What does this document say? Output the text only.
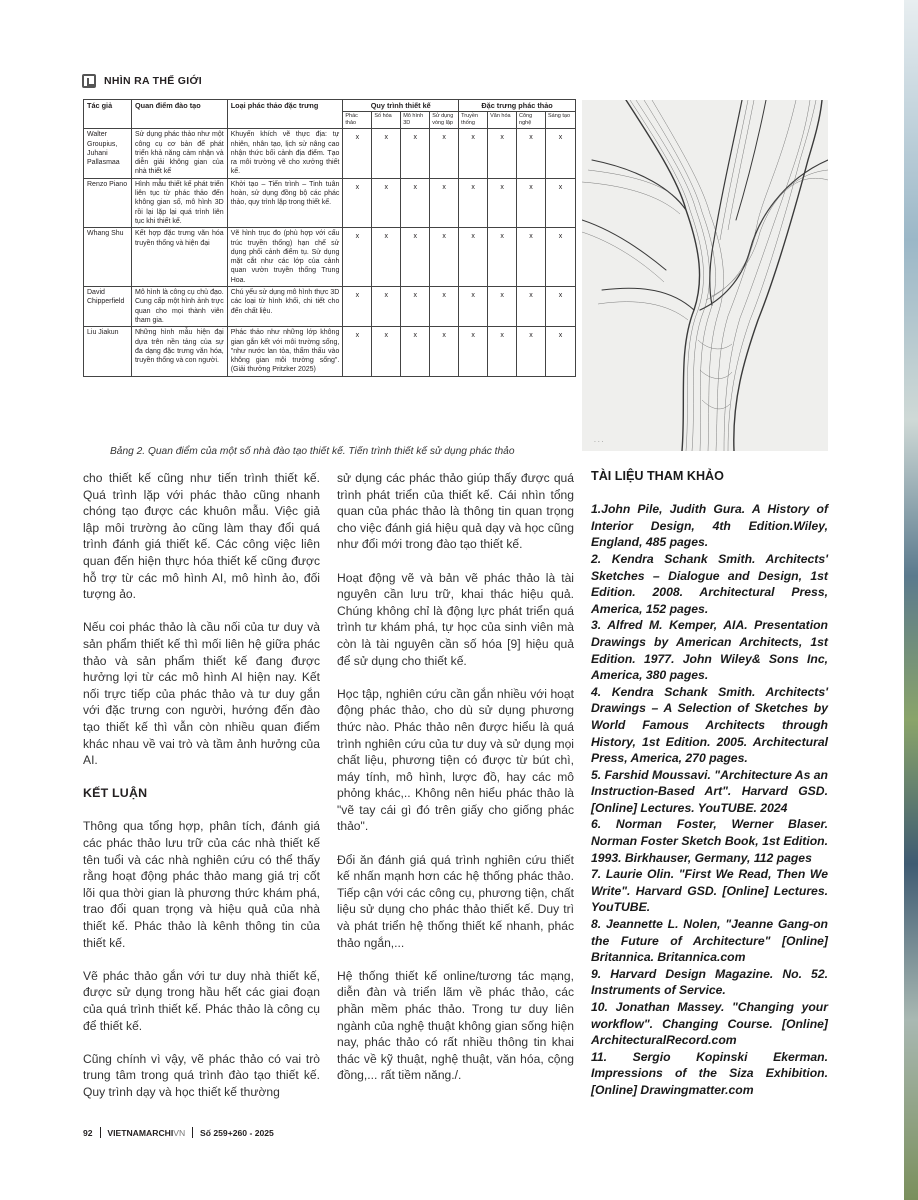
NHÌN RA THẾ GIỚI
Tác giả	Quan điểm đào tạo	Loại phác thảo đặc trưng	Quy trình thiết kế				Đặc trưng phác thảo			
			Phác thảo	Số hóa	Mô hình 3D	Sử dụng vòng lặp	Truyền thống	Văn hóa	Công nghệ	Sáng tạo
Walter Groupius, Juhani Pallasmaa	Sử dụng phác thảo như một công cụ cơ bản để phát triển khả năng cảm nhận và diễn giải không gian của nhà thiết kế	Khuyến khích vẽ thực địa: tự nhiên, nhân tạo, lịch sử nâng cao nhận thức bối cảnh địa điểm. Tạo ra môi trường vẽ cho xưởng thiết kế.	x	x	x	x	x	x	x	x
Renzo Piano	Hình mẫu thiết kế phát triển liên tục từ phác thảo đến không gian số, mô hình 3D rồi lại lặp lại quá trình liên tục khi thiết kế.	Khởi tạo – Tiến trình – Tinh tuân hoàn, sử dụng đồng bộ các phác thảo, quy trình lặp trong thiết kế.	x	x	x	x	x	x	x	x
Whang Shu	Kết hợp đặc trưng văn hóa truyền thống và hiện đại	Vẽ hình trục đo (phù hợp với cấu trúc truyền thống) hạn chế sử dụng phối cảnh điểm tụ. Sử dụng mặt cắt như các lớp của cảnh quan vườn truyền thống Trung Hoa.	x	x	x	x	x	x	x	x
David Chipperfield	Mô hình là công cụ chủ đạo. Cung cấp một hình ảnh trực quan cho mọi thành viên tham gia.	Chú yếu sử dụng mô hình thực 3D các loại từ hình khối, chi tiết cho đến chất liệu.	x	x	x	x	x	x	x	x
Liu Jiakun	Những hình mẫu hiện đại dựa trên nền tảng của sự đa dạng đặc trưng văn hóa, truyền thống và con người.	Phác thảo như những lớp không gian gắn kết với môi trường sống, "như nước lan tỏa, thấm thấu vào không gian môi trường sống". (Giải thưởng Pritzker 2025)	x	x	x	x	x	x	x	x
Bảng 2. Quan điểm của một số nhà đào tạo thiết kế. Tiến trình thiết kế sử dụng phác thảo
. . .

cho thiết kế cũng như tiến trình thiết kế. Quá trình lặp với phác thảo cũng nhanh chóng tạo được các khuôn mẫu. Việc giả lập môi trường ảo cũng làm thay đổi quá trình đánh giá thiết kế. Các công việc liên quan đến hiện thực hóa thiết kế cũng được hỗ trợ từ các mô hình AI, mô hình ảo, đối tượng ảo.

Nếu coi phác thảo là cầu nối của tư duy và sản phẩm thiết kế thì mối liên hệ giữa phác thảo và sản phẩm thiết kế đang được hưởng lợi từ các mô hình AI hiện nay. Kết nối trực tiếp của phác thảo và tư duy gắn với đặc trưng con người, hướng đến đào tạo thiết kế thì vẫn còn nhiều quan điểm khác nhau về vai trò và tầm ảnh hưởng của AI.

KẾT LUẬN

Thông qua tổng hợp, phân tích, đánh giá các phác thảo lưu trữ của các nhà thiết kế tên tuổi và các nhà nghiên cứu có thể thấy rằng hoạt động phác thảo mang giá trị cốt lõi qua thời gian là phương thức khám phá, trao đổi quan trọng và hiệu quả của nhà thiết kế. Phác thảo là kênh thông tin của thiết kế.

Vẽ phác thảo gắn với tư duy nhà thiết kế, được sử dụng trong hầu hết các giai đoạn của quá trình thiết kế. Phác thảo là công cụ để thiết kế.

Cũng chính vì vậy, vẽ phác thảo có vai trò trung tâm trong quá trình đào tạo thiết kế. Quy trình dạy và học thiết kế thường

sử dụng các phác thảo giúp thấy được quá trình phát triển của thiết kế. Cái nhìn tổng quan của phác thảo là thông tin quan trọng cho việc đánh giá hiệu quả dạy và học cũng như đổi mới trong đào tạo thiết kế.

Hoạt động vẽ và bản vẽ phác thảo là tài nguyên cần lưu trữ, khai thác hiệu quả. Chúng không chỉ là động lực phát triển quá trình tư khám phá, tự học của sinh viên mà còn là tài nguyên cần số hóa [9] hiệu quả để sử dụng cho thiết kế.

Học tập, nghiên cứu cần gắn nhiều với hoạt động phác thảo, cho dù sử dụng phương thức nào. Phác thảo nên được hiểu là quá trình nghiên cứu của tư duy và sử dụng mọi chất liệu, phương tiện có được từ bút chì, máy tính, mô hình, lược đồ, hay các mô phỏng khác,.. Không nên hiểu phác thảo là "vẽ tay cái gì đó trên giấy cho giống phác thảo".

Đổi ăn đánh giá quá trình nghiên cứu thiết kế nhấn mạnh hơn các hệ thống phác thảo. Tiếp cận với các công cụ, phương tiện, chất liệu sử dụng cho phác thảo thiết kế. Duy trì và phát triển hệ thống thiết kế nhanh, phác thảo ngắn,...

Hệ thống thiết kế online/tương tác mạng, diễn đàn và triển lãm về phác thảo, các phần mềm phác thảo. Trong tư duy liên ngành của nghệ thuật không gian sống hiện nay, phác thảo có rất nhiều thông tin khai thác về kỹ thuật, nghệ thuật, văn hóa, cộng đồng,... rất tiềm năng./.

TÀI LIỆU THAM KHẢO
1.John Pile, Judith Gura. A History of Interior Design, 4th Edition.Wiley, England, 485 pages.
2. Kendra Schank Smith. Architects' Sketches – Dialogue and Design, 1st Edition. 2008. Architectural Press, America, 152 pages.
3. Alfred M. Kemper, AIA. Presentation Drawings by American Architects, 1st Edition. 1977. John Wiley& Sons Inc, America, 380 pages.
4. Kendra Schank Smith. Architects' Drawings – A Selection of Sketches by World Famous Architects through History, 1st Edition. 2005. Architectural Press, America, 270 pages.
5. Farshid Moussavi. "Architecture As an Instruction-Based Art". Harvard GSD. [Online] Lectures. YouTUBE. 2024
6. Norman Foster, Werner Blaser. Norman Foster Sketch Book, 1st Edition. 1993. Birkhauser, Germany, 112 pages
7. Laurie Olin. "First We Read, Then We Write". Harvard GSD. [Online] Lectures. YouTUBE.
8. Jeannette L. Nolen, "Jeanne Gang-on the Future of Architecture" [Online] Britannica. Britannica.com
9. Harvard Design Magazine. No. 52. Instruments of Service.
10. Jonathan Massey. "Changing your workflow". Changing Course. [Online] ArchitecturalRecord.com
11. Sergio Kopinski Ekerman. Impressions of the Siza Exhibition.[Online] Drawingmatter.com
92 VIETNAMARCHIVN Số 259+260 - 2025
